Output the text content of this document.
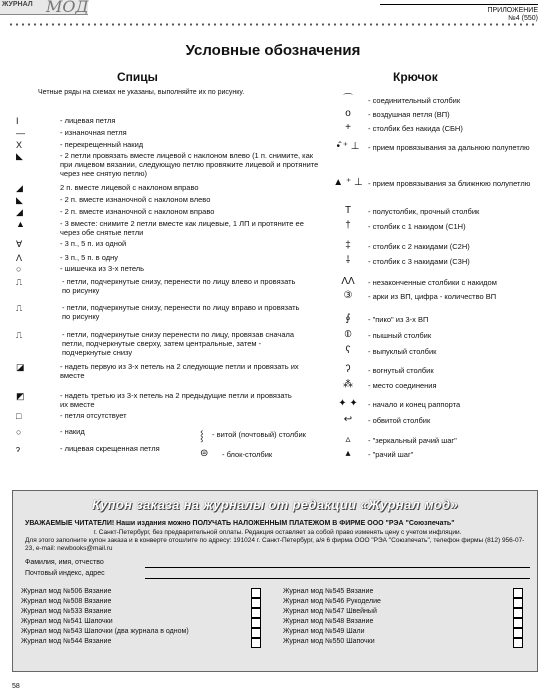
ЖУРНАЛ МОД	ПРИЛОЖЕНИЕ
№4 (550)
Условные обозначения
Спицы
Четные ряды на схемах не указаны, выполняйте их по рисунку.
I	- лицевая петля
—	- изнаночная петля
X	- перекрещенный накид
◣	- 2 петли провязать вместе лицевой с наклоном влево (1 п. снимите, как при лицевом вязании, следующую петлю провяжите лицевой и протяните через нее снятую петлю)
◢	2 п. вместе лицевой с наклоном вправо
◣	- 2 п. вместе изнаночной с наклоном влево
◢	- 2 п. вместе изнаночной с наклоном вправо
▲	- 3 вместе: снимите 2 петли вместе как лицевые, 1 ЛП и протяните ее через обе снятые петли
∀	- 3 п., 5 п. из одной
Λ	- 3 п., 5 п. в одну
○	- шишечка из 3-х петель
⎍	- петли, подчеркнутые снизу, перенести по лицу влево и провязать по рисунку
⎍	- петли, подчеркнутые снизу, перенести по лицу вправо и провязать по рисунку
⎍	- петли, подчеркнутые снизу перенести по лицу, провязав сначала петли, подчеркнутые сверху, затем центральные, затем - подчеркнутые снизу
◪	- надеть первую из 3-х петель на 2 следующие петли и провязать их вместе
◩	- надеть третью из 3-х петель на 2 предыдущие петли и провязать их вместе
□	- петля отсутствует
○	- накид
ɂ	- лицевая скрещенная петля
⸾ - витой (почтовый) столбик
⊜ - блок-столбик
Крючок
⌒	- соединительный столбик
o	- воздушная петля (ВП)
+	- столбик без накида (СБН)
•̂ ⁺ ⊥	- прием провязывания за дальнюю полупетлю
▲ ⁺ ⊥ - прием провязывания за ближнюю полупетлю
T	- полустолбик, прочный столбик
†	- столбик с 1 накидом (С1Н)
‡	- столбик с 2 накидами (С2Н)
⸸	- столбик с 3 накидами (С3Н)
ΛΛ	- незаконченные столбики с накидом
③	- арки из ВП, цифра - количество ВП
∮	- "пико" из 3-х ВП
⦶	- пышный столбик
ʕ	- выпуклый столбик
ʔ	- вогнутый столбик
⁂	- место соединения
✦ ✦	- начало и конец раппорта
↩	- обвитой столбик
▵	- "зеркальный рачий шаг"
▴	- "рачий шаг"
Купон заказа на журналы от редакции «Журнал мод»
УВАЖАЕМЫЕ ЧИТАТЕЛИ! Наши издания можно ПОЛУЧАТЬ НАЛОЖЕННЫМ ПЛАТЕЖОМ В ФИРМЕ ООО "РЭА "Союзпечать"
г. Санкт-Петербург, без предварительной оплаты. Редакция оставляет за собой право изменять цену с учетом инфляции.
Для этого заполните купон заказа и в конверте отошлите по адресу: 191024 г. Санкт-Петербург, а/я 6 фирма ООО "РЭА "Союзпечать", телефон фирмы (812) 956-07-23, e-mail: newbooks@mail.ru
Фамилия, имя, отчество
Почтовый индекс, адрес
Журнал мод №506 Вязание
Журнал мод №508 Вязание
Журнал мод №533 Вязание
Журнал мод №541 Шапочки
Журнал мод №543 Шапочки (два журнала в одном)
Журнал мод №544 Вязание
Журнал мод №545 Вязание
Журнал мод №546 Рукоделие
Журнал мод №547 Швейный
Журнал мод №548 Вязание
Журнал мод №549 Шали
Журнал мод №550 Шапочки
58
